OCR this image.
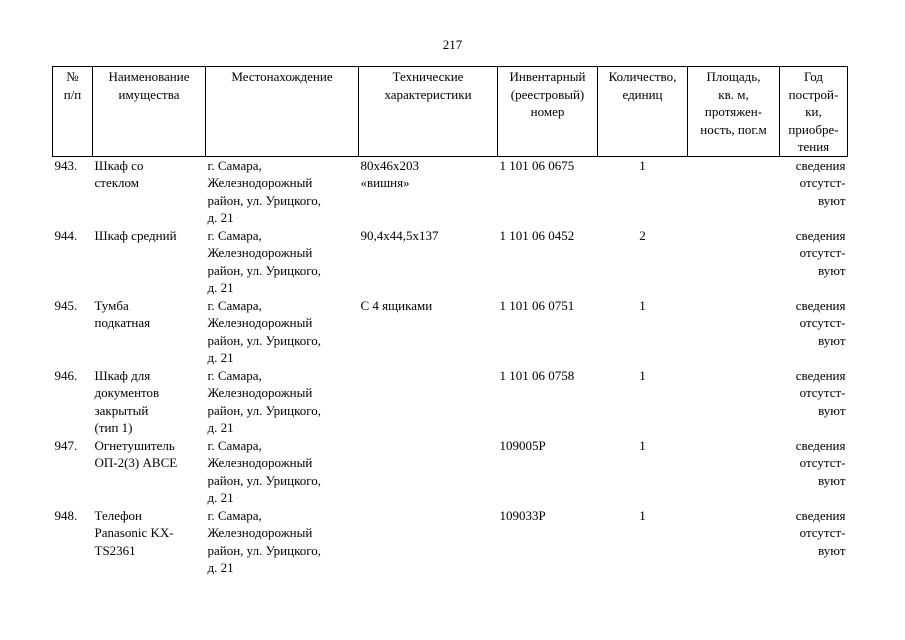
217
№
п/п	Наименование
имущества	Местонахождение	Технические
характеристики	Инвентарный
(реестровый)
номер	Количество,
единиц	Площадь,
кв. м,
протяжен-
ность, пог.м	Год
построй-
ки,
приобре-
тения
943.	Шкаф со
стеклом	г. Самара,
Железнодорожный
район, ул. Урицкого,
д. 21	80х46х203
«вишня»	1 101 06 0675	1		сведения
отсутст-
вуют
944.	Шкаф средний	г. Самара,
Железнодорожный
район, ул. Урицкого,
д. 21	90,4х44,5х137	1 101 06 0452	2		сведения
отсутст-
вуют
945.	Тумба
подкатная	г. Самара,
Железнодорожный
район, ул. Урицкого,
д. 21	С 4 ящиками	1 101 06 0751	1		сведения
отсутст-
вуют
946.	Шкаф для
документов
закрытый
(тип 1)	г. Самара,
Железнодорожный
район, ул. Урицкого,
д. 21		1 101 06 0758	1		сведения
отсутст-
вуют
947.	Огнетушитель
ОП-2(3) АВСЕ	г. Самара,
Железнодорожный
район, ул. Урицкого,
д. 21		109005Р	1		сведения
отсутст-
вуют
948.	Телефон
Panasonic KX-
TS2361	г. Самара,
Железнодорожный
район, ул. Урицкого,
д. 21		109033Р	1		сведения
отсутст-
вуют
